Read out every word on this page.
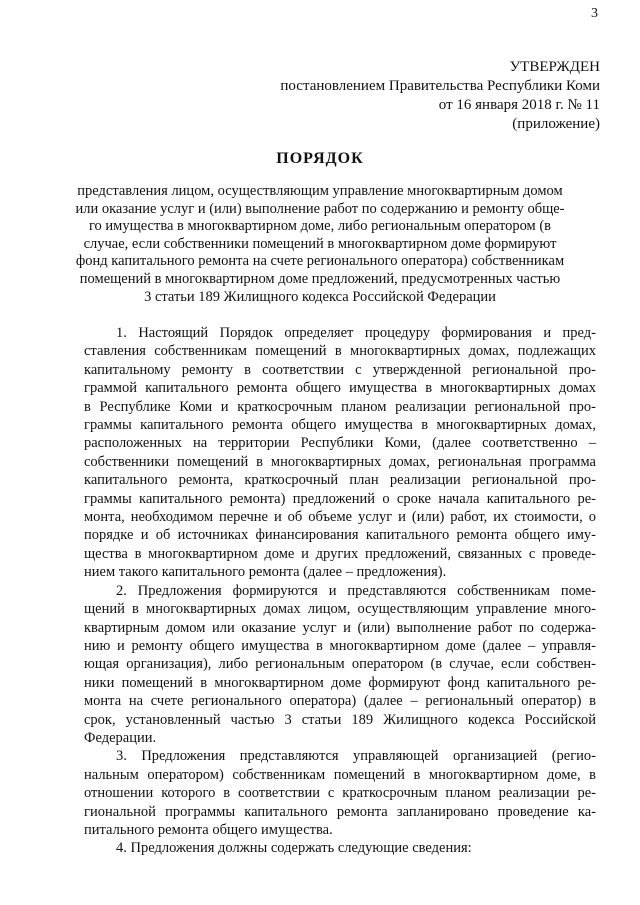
3
УТВЕРЖДЕН
постановлением Правительства Республики Коми
от 16 января 2018 г. № 11
(приложение)
ПОРЯДОК
представления лицом, осуществляющим управление многоквартирным домом
или оказание услуг и (или) выполнение работ по содержанию и ремонту обще-
го имущества в многоквартирном доме, либо региональным оператором (в
случае, если собственники помещений в многоквартирном доме формируют
фонд капитального ремонта на счете регионального оператора) собственникам
помещений в многоквартирном доме предложений, предусмотренных частью
3 статьи 189 Жилищного кодекса Российской Федерации
1. Настоящий Порядок определяет процедуру формирования и пред-
ставления собственникам помещений в многоквартирных домах, подлежащих
капитальному ремонту в соответствии с утвержденной региональной про-
граммой капитального ремонта общего имущества в многоквартирных домах
в Республике Коми и краткосрочным планом реализации региональной про-
граммы капитального ремонта общего имущества в многоквартирных домах,
расположенных на территории Республики Коми, (далее соответственно –
собственники помещений в многоквартирных домах, региональная программа
капитального ремонта, краткосрочный план реализации региональной про-
граммы капитального ремонта) предложений о сроке начала капитального ре-
монта, необходимом перечне и об объеме услуг и (или) работ, их стоимости, о
порядке и об источниках финансирования капитального ремонта общего иму-
щества в многоквартирном доме и других предложений, связанных с проведе-
нием такого капитального ремонта (далее – предложения).
2. Предложения формируются и представляются собственникам поме-
щений в многоквартирных домах лицом, осуществляющим управление много-
квартирным домом или оказание услуг и (или) выполнение работ по содержа-
нию и ремонту общего имущества в многоквартирном доме (далее – управля-
ющая организация), либо региональным оператором (в случае, если собствен-
ники помещений в многоквартирном доме формируют фонд капитального ре-
монта на счете регионального оператора) (далее – региональный оператор) в
срок, установленный частью 3 статьи 189 Жилищного кодекса Российской
Федерации.
3. Предложения представляются управляющей организацией (регио-
нальным оператором) собственникам помещений в многоквартирном доме, в
отношении которого в соответствии с краткосрочным планом реализации ре-
гиональной программы капитального ремонта запланировано проведение ка-
питального ремонта общего имущества.
4. Предложения должны содержать следующие сведения:
